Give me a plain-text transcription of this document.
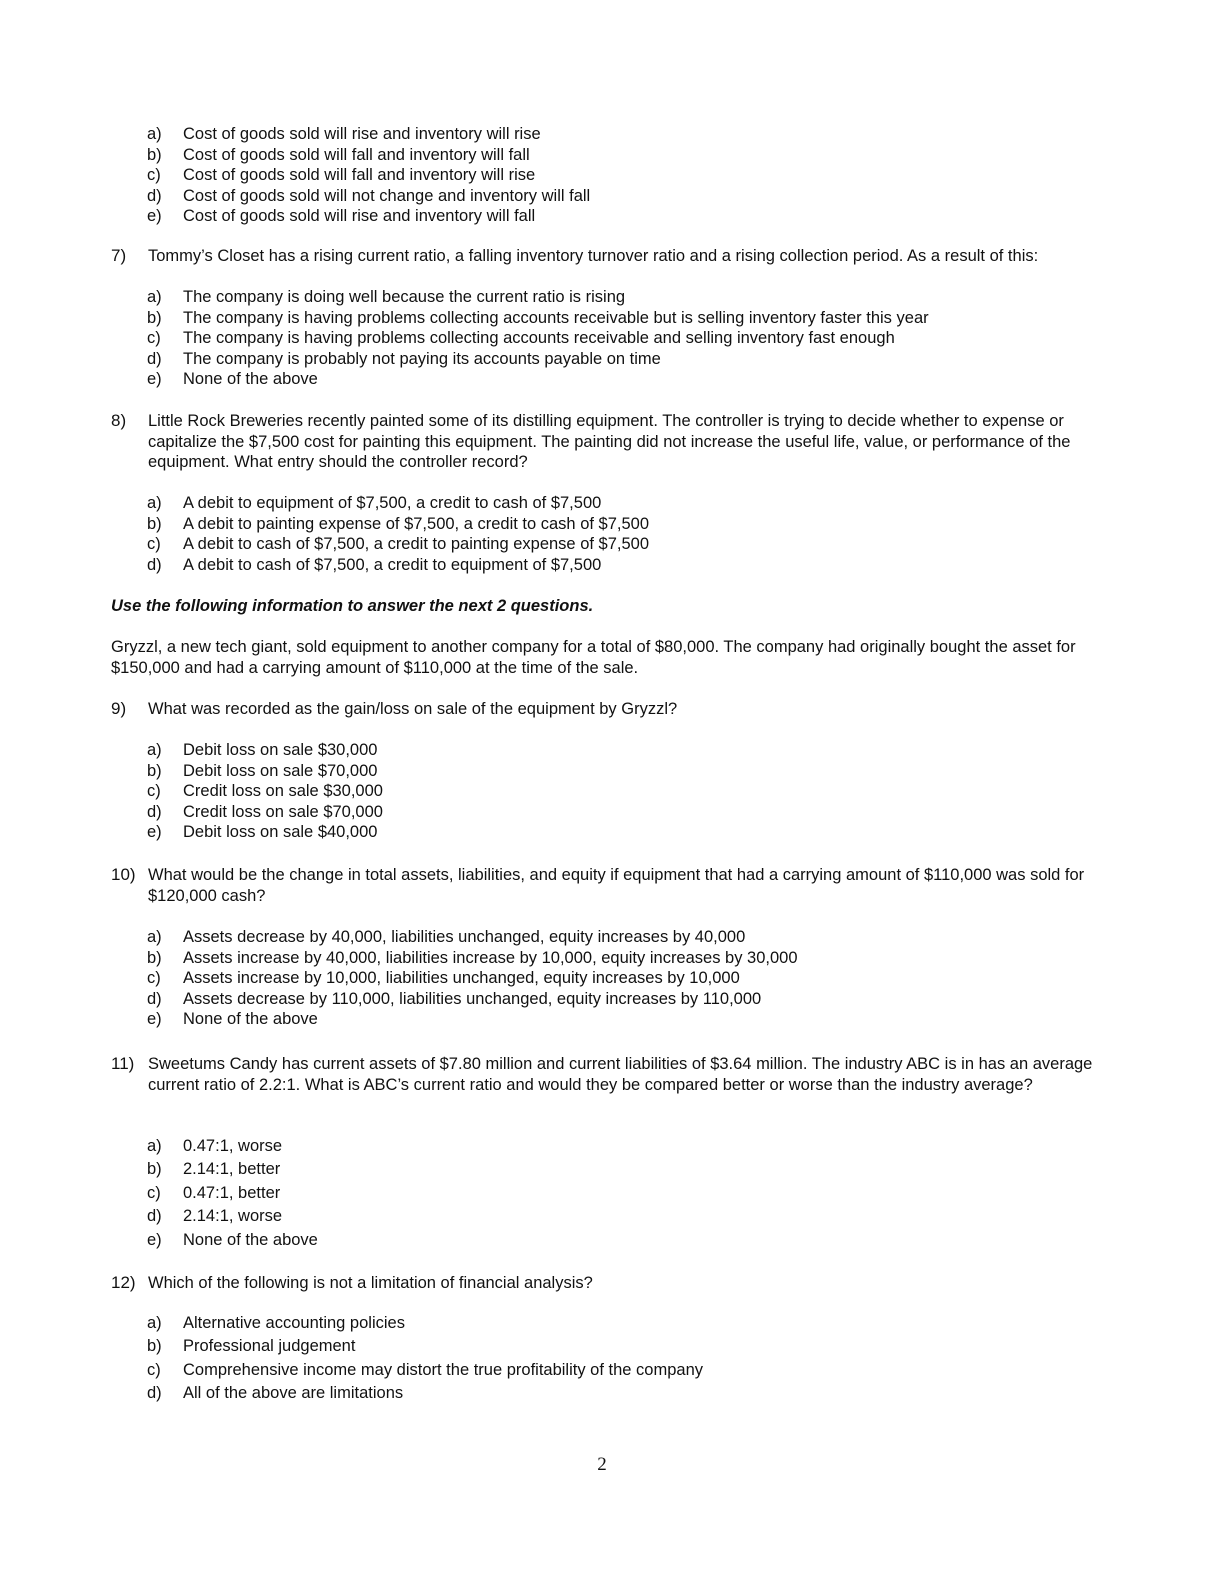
a)	Cost of goods sold will rise and inventory will rise
b)	Cost of goods sold will fall and inventory will fall
c)	Cost of goods sold will fall and inventory will rise
d)	Cost of goods sold will not change and inventory will fall
e)	Cost of goods sold will rise and inventory will fall
7)	Tommy’s Closet has a rising current ratio, a falling inventory turnover ratio and a rising collection period. As a result of this:
a)	The company is doing well because the current ratio is rising
b)	The company is having problems collecting accounts receivable but is selling inventory faster this year
c)	The company is having problems collecting accounts receivable and selling inventory fast enough
d)	The company is probably not paying its accounts payable on time
e)	None of the above
8)	Little Rock Breweries recently painted some of its distilling equipment. The controller is trying to decide whether to expense or capitalize the $7,500 cost for painting this equipment. The painting did not increase the useful life, value, or performance of the equipment. What entry should the controller record?
a)	A debit to equipment of $7,500, a credit to cash of $7,500
b)	A debit to painting expense of $7,500, a credit to cash of $7,500
c)	A debit to cash of $7,500, a credit to painting expense of $7,500
d)	A debit to cash of $7,500, a credit to equipment of $7,500
Use the following information to answer the next 2 questions.
Gryzzl, a new tech giant, sold equipment to another company for a total of $80,000. The company had originally bought the asset for $150,000 and had a carrying amount of $110,000 at the time of the sale.
9)	What was recorded as the gain/loss on sale of the equipment by Gryzzl?
a)	Debit loss on sale $30,000
b)	Debit loss on sale $70,000
c)	Credit loss on sale $30,000
d)	Credit loss on sale $70,000
e)	Debit loss on sale $40,000
10) What would be the change in total assets, liabilities, and equity if equipment that had a carrying amount of $110,000 was sold for $120,000 cash?
a)	Assets decrease by 40,000, liabilities unchanged, equity increases by 40,000
b)	Assets increase by 40,000, liabilities increase by 10,000, equity increases by 30,000
c)	Assets increase by 10,000, liabilities unchanged, equity increases by 10,000
d)	Assets decrease by 110,000, liabilities unchanged, equity increases by 110,000
e)	None of the above
11) Sweetums Candy has current assets of $7.80 million and current liabilities of $3.64 million. The industry ABC is in has an average current ratio of 2.2:1. What is ABC’s current ratio and would they be compared better or worse than the industry average?
a)	0.47:1, worse
b)	2.14:1, better
c)	0.47:1, better
d)	2.14:1, worse
e)	None of the above
12) Which of the following is not a limitation of financial analysis?
a)	Alternative accounting policies
b)	Professional judgement
c)	Comprehensive income may distort the true profitability of the company
d)	All of the above are limitations
2
